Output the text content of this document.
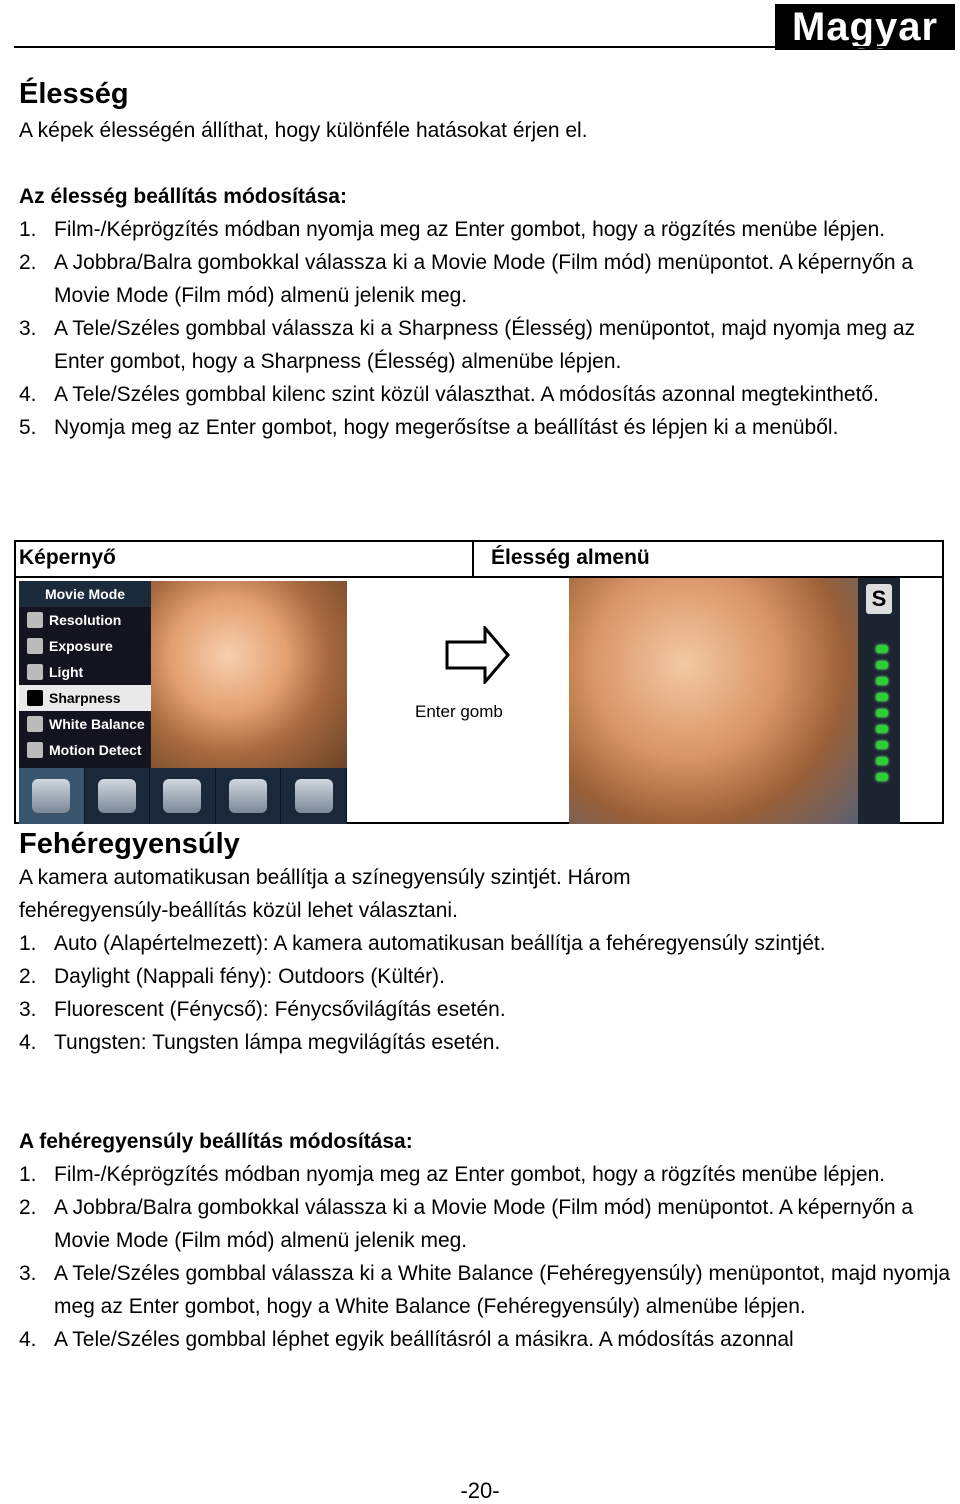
Magyar
Élesség
A képek élességén állíthat, hogy különféle hatásokat érjen el.
Az élesség beállítás módosítása:
1. Film-/Képrögzítés módban nyomja meg az Enter gombot, hogy a rögzítés menübe lépjen.
2. A Jobbra/Balra gombokkal válassza ki a Movie Mode (Film mód) menüpontot. A képernyőn a Movie Mode (Film mód) almenü jelenik meg.
3. A Tele/Széles gombbal válassza ki a Sharpness (Élesség) menüpontot, majd nyomja meg az Enter gombot, hogy a Sharpness (Élesség) almenübe lépjen.
4. A Tele/Széles gombbal kilenc szint közül választhat. A módosítás azonnal megtekinthető.
5. Nyomja meg az Enter gombot, hogy megerősítse a beállítást és lépjen ki a menüből.
Képernyő	Élesség almenü
Movie Mode
Resolution
Exposure
Light
Sharpness
White Balance
Motion Detect
Enter gomb
S
Fehéregyensúly
A kamera automatikusan beállítja a színegyensúly szintjét. Három
fehéregyensúly-beállítás közül lehet választani.
1. Auto (Alapértelmezett): A kamera automatikusan beállítja a fehéregyensúly szintjét.
2. Daylight (Nappali fény): Outdoors (Kültér).
3. Fluorescent (Fénycső): Fénycsővilágítás esetén.
4. Tungsten: Tungsten lámpa megvilágítás esetén.
A fehéregyensúly beállítás módosítása:
1. Film-/Képrögzítés módban nyomja meg az Enter gombot, hogy a rögzítés menübe lépjen.
2. A Jobbra/Balra gombokkal válassza ki a Movie Mode (Film mód) menüpontot. A képernyőn a Movie Mode (Film mód) almenü jelenik meg.
3. A Tele/Széles gombbal válassza ki a White Balance (Fehéregyensúly) menüpontot, majd nyomja meg az Enter gombot, hogy a White Balance (Fehéregyensúly) almenübe lépjen.
4. A Tele/Széles gombbal léphet egyik beállításról a másikra. A módosítás azonnal
-20-
